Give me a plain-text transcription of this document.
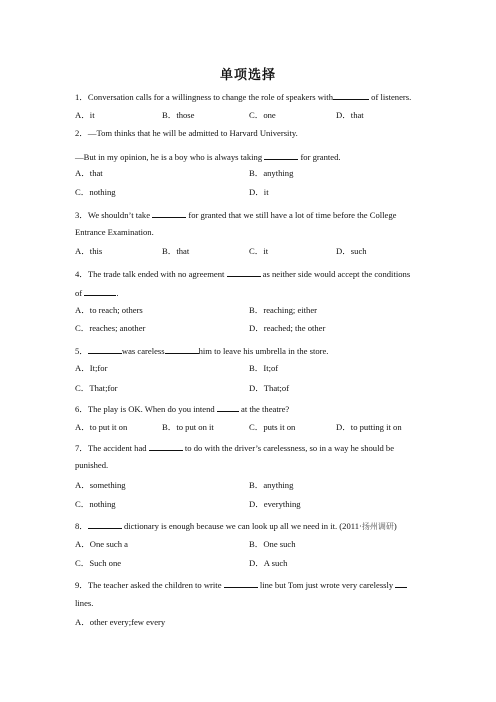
单项选择
1．Conversation calls for a willingness to change the role of speakers with	of listeners.
A．it	B．those	C．one	D．that
2．—Tom thinks that he will be admitted to Harvard University.
—But in my opinion, he is a boy who is always taking	for granted.
A．that	B．anything
C．nothing	D．it
3．We shouldn’t take	for granted that we still have a lot of time before the College
Entrance Examination.
A．this	B．that	C．it	D．such
4．The trade talk ended with no agreement	as neither side would accept the conditions
of	.
A．to reach; others	B．reaching; either
C．reaches; another	D．reached; the other
5．	was careless	him to leave his umbrella in the store.
A．It;for	B．It;of
C．That;for	D．That;of
6．The play is OK. When do you intend	at the theatre?
A．to put it on	B．to put on it	C．puts it on	D．to putting it on
7．The accident had	to do with the driver’s carelessness, so in a way he should be
punished.
A．something	B．anything
C．nothing	D．everything
8．	dictionary is enough because we can look up all we need in it. (2011·扬州调研)
A．One such a	B．One such
C．Such one	D．A such
9．The teacher asked the children to write	line but Tom just wrote very carelessly
lines.
A．other every;few every
